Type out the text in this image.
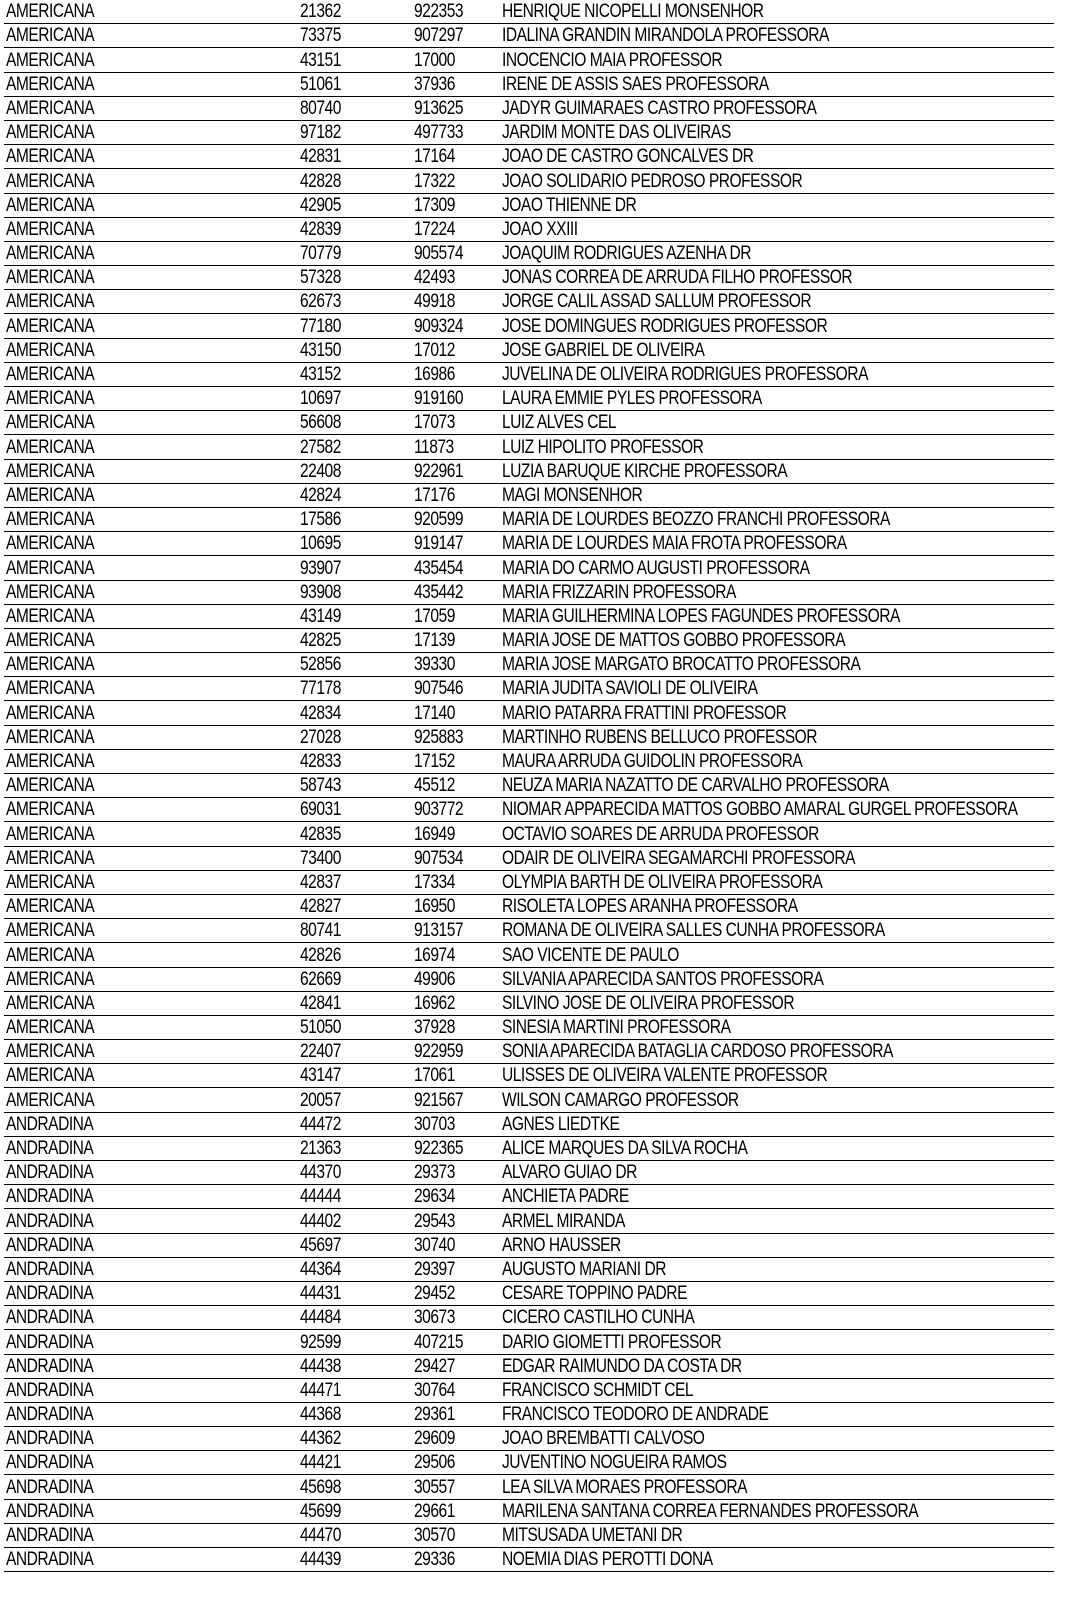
AMERICANA	21362	922353	HENRIQUE NICOPELLI MONSENHOR
AMERICANA	73375	907297	IDALINA GRANDIN MIRANDOLA PROFESSORA
AMERICANA	43151	17000	INOCENCIO MAIA PROFESSOR
AMERICANA	51061	37936	IRENE DE ASSIS SAES PROFESSORA
AMERICANA	80740	913625	JADYR GUIMARAES CASTRO PROFESSORA
AMERICANA	97182	497733	JARDIM MONTE DAS OLIVEIRAS
AMERICANA	42831	17164	JOAO DE CASTRO GONCALVES DR
AMERICANA	42828	17322	JOAO SOLIDARIO PEDROSO PROFESSOR
AMERICANA	42905	17309	JOAO THIENNE DR
AMERICANA	42839	17224	JOAO XXIII
AMERICANA	70779	905574	JOAQUIM RODRIGUES AZENHA DR
AMERICANA	57328	42493	JONAS CORREA DE ARRUDA FILHO PROFESSOR
AMERICANA	62673	49918	JORGE CALIL ASSAD SALLUM PROFESSOR
AMERICANA	77180	909324	JOSE DOMINGUES RODRIGUES PROFESSOR
AMERICANA	43150	17012	JOSE GABRIEL DE OLIVEIRA
AMERICANA	43152	16986	JUVELINA DE OLIVEIRA RODRIGUES PROFESSORA
AMERICANA	10697	919160	LAURA EMMIE PYLES PROFESSORA
AMERICANA	56608	17073	LUIZ ALVES CEL
AMERICANA	27582	11873	LUIZ HIPOLITO PROFESSOR
AMERICANA	22408	922961	LUZIA BARUQUE KIRCHE PROFESSORA
AMERICANA	42824	17176	MAGI MONSENHOR
AMERICANA	17586	920599	MARIA DE LOURDES BEOZZO FRANCHI PROFESSORA
AMERICANA	10695	919147	MARIA DE LOURDES MAIA FROTA PROFESSORA
AMERICANA	93907	435454	MARIA DO CARMO AUGUSTI PROFESSORA
AMERICANA	93908	435442	MARIA FRIZZARIN PROFESSORA
AMERICANA	43149	17059	MARIA GUILHERMINA LOPES FAGUNDES PROFESSORA
AMERICANA	42825	17139	MARIA JOSE DE MATTOS GOBBO PROFESSORA
AMERICANA	52856	39330	MARIA JOSE MARGATO BROCATTO PROFESSORA
AMERICANA	77178	907546	MARIA JUDITA SAVIOLI DE OLIVEIRA
AMERICANA	42834	17140	MARIO PATARRA FRATTINI PROFESSOR
AMERICANA	27028	925883	MARTINHO RUBENS BELLUCO PROFESSOR
AMERICANA	42833	17152	MAURA ARRUDA GUIDOLIN PROFESSORA
AMERICANA	58743	45512	NEUZA MARIA NAZATTO DE CARVALHO PROFESSORA
AMERICANA	69031	903772	NIOMAR APPARECIDA MATTOS GOBBO AMARAL GURGEL PROFESSORA
AMERICANA	42835	16949	OCTAVIO SOARES DE ARRUDA PROFESSOR
AMERICANA	73400	907534	ODAIR DE OLIVEIRA SEGAMARCHI PROFESSORA
AMERICANA	42837	17334	OLYMPIA BARTH DE OLIVEIRA PROFESSORA
AMERICANA	42827	16950	RISOLETA LOPES ARANHA PROFESSORA
AMERICANA	80741	913157	ROMANA DE OLIVEIRA SALLES CUNHA PROFESSORA
AMERICANA	42826	16974	SAO VICENTE DE PAULO
AMERICANA	62669	49906	SILVANIA APARECIDA SANTOS PROFESSORA
AMERICANA	42841	16962	SILVINO JOSE DE OLIVEIRA PROFESSOR
AMERICANA	51050	37928	SINESIA MARTINI PROFESSORA
AMERICANA	22407	922959	SONIA APARECIDA BATAGLIA CARDOSO PROFESSORA
AMERICANA	43147	17061	ULISSES DE OLIVEIRA VALENTE PROFESSOR
AMERICANA	20057	921567	WILSON CAMARGO PROFESSOR
ANDRADINA	44472	30703	AGNES LIEDTKE
ANDRADINA	21363	922365	ALICE MARQUES DA SILVA ROCHA
ANDRADINA	44370	29373	ALVARO GUIAO DR
ANDRADINA	44444	29634	ANCHIETA PADRE
ANDRADINA	44402	29543	ARMEL MIRANDA
ANDRADINA	45697	30740	ARNO HAUSSER
ANDRADINA	44364	29397	AUGUSTO MARIANI DR
ANDRADINA	44431	29452	CESARE TOPPINO PADRE
ANDRADINA	44484	30673	CICERO CASTILHO CUNHA
ANDRADINA	92599	407215	DARIO GIOMETTI PROFESSOR
ANDRADINA	44438	29427	EDGAR RAIMUNDO DA COSTA DR
ANDRADINA	44471	30764	FRANCISCO SCHMIDT CEL
ANDRADINA	44368	29361	FRANCISCO TEODORO DE ANDRADE
ANDRADINA	44362	29609	JOAO BREMBATTI CALVOSO
ANDRADINA	44421	29506	JUVENTINO NOGUEIRA RAMOS
ANDRADINA	45698	30557	LEA SILVA MORAES PROFESSORA
ANDRADINA	45699	29661	MARILENA SANTANA CORREA FERNANDES PROFESSORA
ANDRADINA	44470	30570	MITSUSADA UMETANI DR
ANDRADINA	44439	29336	NOEMIA DIAS PEROTTI DONA
